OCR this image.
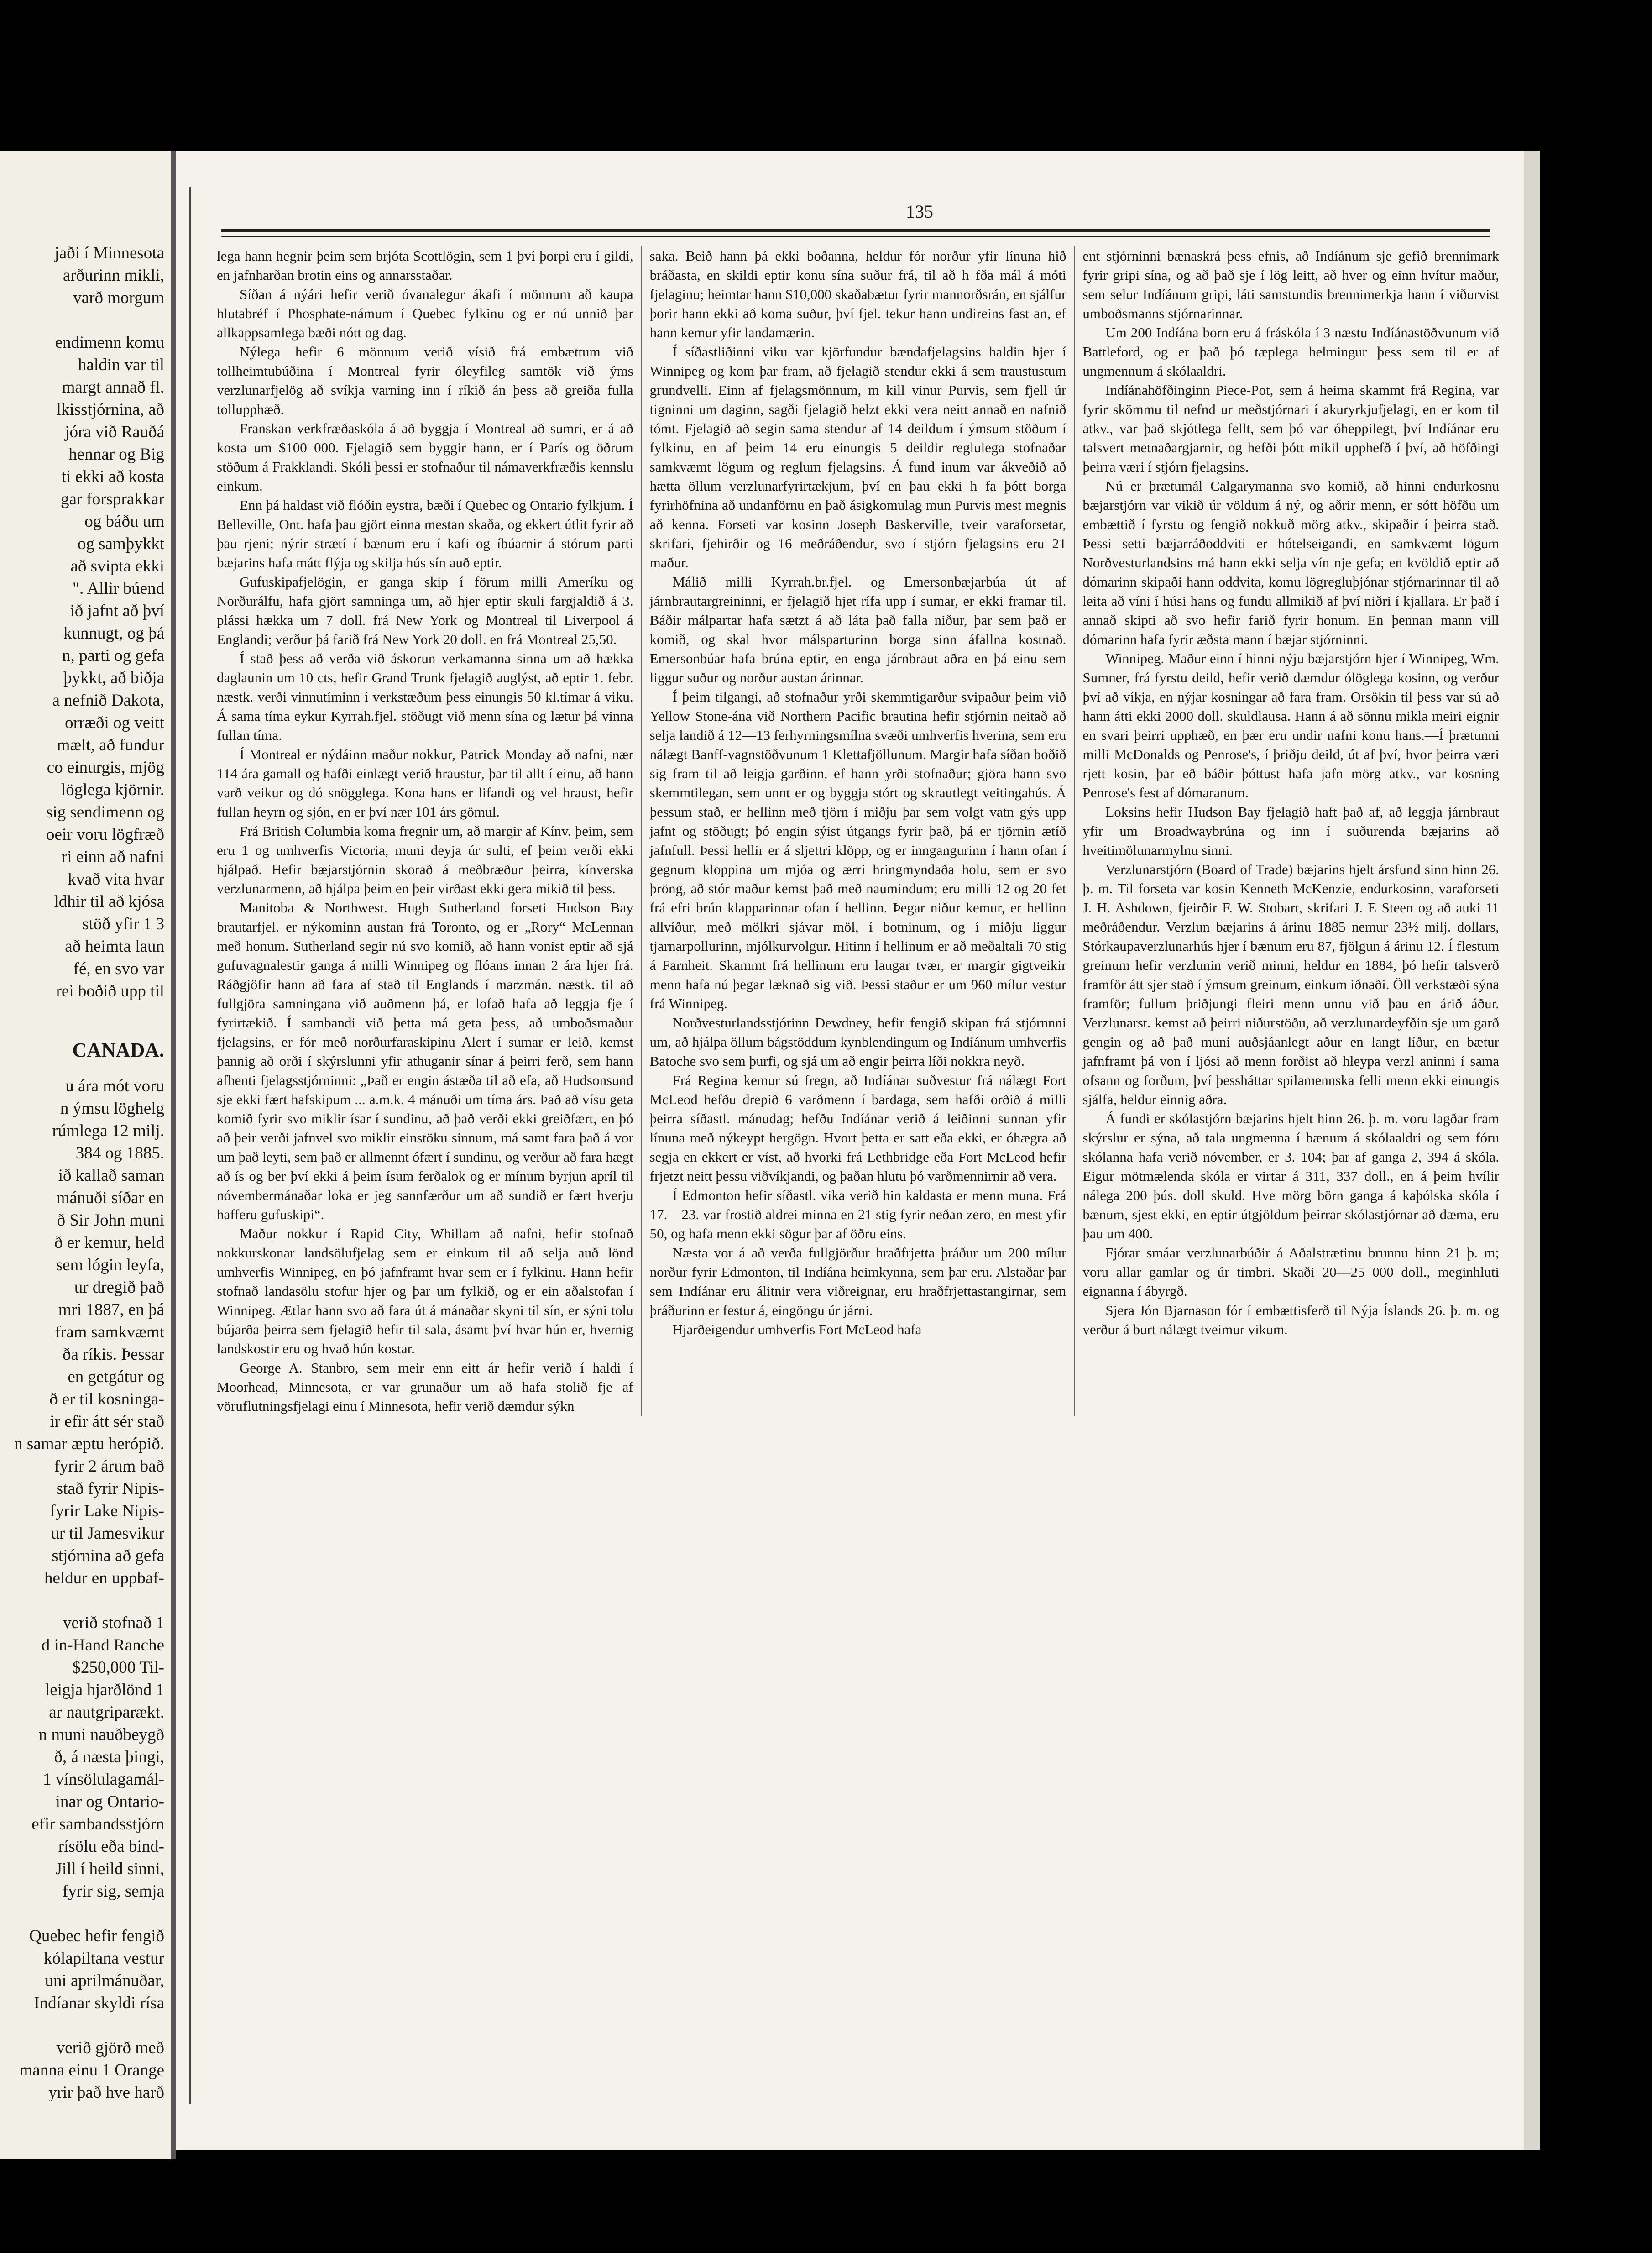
jaði í Minnesota
arðurinn mikli,
varð morgum

endimenn komu
haldin var til
margt annað fl.
lkisstjórnina, að
jóra við Rauðá
hennar og Big
ti ekki að kosta
gar forsprakkar
og báðu um
og samþykkt
að svipta ekki
". Allir búend
ið jafnt að því
kunnugt, og þá
n, parti og gefa
þykkt, að biðja
a nefnið Dakota,
orræði og veitt
mælt, að fundur
co einurgis, mjög
löglega kjörnir.
sig sendimenn og
oeir voru lögfræð
ri einn að nafni
kvað vita hvar
ldhir til að kjósa
stöð yfir 1 3
að heimta laun
fé, en svo var
rei boðið upp til
CANADA.
u ára mót voru
n ýmsu löghelg
rúmlega 12 milj.
384 og 1885.
ið kallað saman
mánuði síðar en
ð Sir John muni
ð er kemur, held
sem lógin leyfa,
ur dregið það
mri 1887, en þá
fram samkvæmt
ða ríkis. Þessar
en getgátur og
ð er til kosninga-
ir efir átt sér stað
n samar æptu herópið.
fyrir 2 árum bað
stað fyrir Nipis-
fyrir Lake Nipis-
ur til Jamesvikur
stjórnina að gefa
heldur en uppbaf-

verið stofnað 1
d in-Hand Ranche
$250,000 Til-
leigja hjarðlönd 1
ar nautgriparækt.
n muni nauðbeygð
ð, á næsta þingi,
1 vínsölulagamál-
inar og Ontario-
efir sambandsstjórn
rísölu eða bind-
Jill í heild sinni,
fyrir sig, semja

Quebec hefir fengið
kólapiltana vestur
uni aprilmánuðar,
Indíanar skyldi rísa

verið gjörð með
manna einu 1 Orange
yrir það hve harð
135

lega hann hegnir þeim sem brjóta Scottlögin, sem 1 því þorpi eru í gildi, en jafnharðan brotin eins og annarsstaðar.

Síðan á nýári hefir verið óvanalegur ákafi í mönnum að kaupa hlutabréf í Phosphate-námum í Quebec fylkinu og er nú unnið þar allkappsamlega bæði nótt og dag.

Nýlega hefir 6 mönnum verið vísið frá embættum við tollheimtubúðina í Montreal fyrir óleyfileg samtök við ýms verzlunarfjelög að svíkja varning inn í ríkið án þess að greiða fulla tollupphæð.

Franskan verkfræðaskóla á að byggja í Montreal að sumri, er á að kosta um $100 000. Fjelagið sem byggir hann, er í París og öðrum stöðum á Frakklandi. Skóli þessi er stofnaður til námaverkfræðis kennslu einkum.

Enn þá haldast við flóðin eystra, bæði í Quebec og Ontario fylkjum. Í Belleville, Ont. hafa þau gjört einna mestan skaða, og ekkert útlit fyrir að þau rjeni; nýrir strætí í bænum eru í kafi og íbúarnir á stórum parti bæjarins hafa mátt flýja og skilja hús sín auð eptir.

Gufuskipafjelögin, er ganga skip í förum milli Ameríku og Norðurálfu, hafa gjört samninga um, að hjer eptir skuli fargjaldið á 3. plássi hækka um 7 doll. frá New York og Montreal til Liverpool á Englandi; verður þá farið frá New York 20 doll. en frá Montreal 25,50.

Í stað þess að verða við áskorun verkamanna sinna um að hækka daglaunin um 10 cts, hefir Grand Trunk fjelagið auglýst, að eptir 1. febr. næstk. verði vinnutíminn í verkstæðum þess einungis 50 kl.tímar á viku. Á sama tíma eykur Kyrrah.fjel. stöðugt við menn sína og lætur þá vinna fullan tíma.

Í Montreal er nýdáinn maður nokkur, Patrick Monday að nafni, nær 114 ára gamall og hafði einlægt verið hraustur, þar til allt í einu, að hann varð veikur og dó snögglega. Kona hans er lifandi og vel hraust, hefir fullan heyrn og sjón, en er því nær 101 árs gömul.

Frá British Columbia koma fregnir um, að margir af Kínv. þeim, sem eru 1 og umhverfis Victoria, muni deyja úr sulti, ef þeim verði ekki hjálpað. Hefir bæjarstjórnin skorað á meðbræður þeirra, kínverska verzlunarmenn, að hjálpa þeim en þeir virðast ekki gera mikið til þess.

Manitoba & Northwest. Hugh Sutherland forseti Hudson Bay brautarfjel. er nýkominn austan frá Toronto, og er „Rory“ McLennan með honum. Sutherland segir nú svo komið, að hann vonist eptir að sjá gufuvagnalestir ganga á milli Winnipeg og flóans innan 2 ára hjer frá. Ráðgjöfir hann að fara af stað til Englands í marzmán. næstk. til að fullgjöra samningana við auðmenn þá, er lofað hafa að leggja fje í fyrirtækið. Í sambandi við þetta má geta þess, að umboðsmaður fjelagsins, er fór með norðurfaraskipinu Alert í sumar er leið, kemst þannig að orði í skýrslunni yfir athuganir sínar á þeirri ferð, sem hann afhenti fjelagsstjórninni: „Það er engin ástæða til að efa, að Hudsonsund sje ekki fært hafskipum ... a.m.k. 4 mánuði um tíma árs. Það að vísu geta komið fyrir svo miklir ísar í sundinu, að það verði ekki greiðfært, en þó að þeir verði jafnvel svo miklir einstöku sinnum, má samt fara það á vor um það leyti, sem það er allmennt ófært í sundinu, og verður að fara hægt að ís og ber því ekki á þeim ísum ferðalok og er mínum byrjun apríl til nóvembermánaðar loka er jeg sannfærður um að sundið er fært hverju hafferu gufuskipi“.

Maður nokkur í Rapid City, Whillam að nafni, hefir stofnað nokkurskonar landsölufjelag sem er einkum til að selja auð lönd umhverfis Winnipeg, en þó jafnframt hvar sem er í fylkinu. Hann hefir stofnað landasölu stofur hjer og þar um fylkið, og er ein aðalstofan í Winnipeg. Ætlar hann svo að fara út á mánaðar skyni til sín, er sýni tolu bújarða þeirra sem fjelagið hefir til sala, ásamt því hvar hún er, hvernig landskostir eru og hvað hún kostar.

George A. Stanbro, sem meir enn eitt ár hefir verið í haldi í Moorhead, Minnesota, er var grunaður um að hafa stolið fje af vöruflutningsfjelagi einu í Minnesota, hefir verið dæmdur sýkn

saka. Beið hann þá ekki boðanna, heldur fór norður yfir línuna hið bráðasta, en skildi eptir konu sína suður frá, til að h fða mál á móti fjelaginu; heimtar hann $10,000 skaðabætur fyrir mannorðsrán, en sjálfur þorir hann ekki að koma suður, því fjel. tekur hann undireins fast an, ef hann kemur yfir landamærin.

Í síðastliðinni viku var kjörfundur bændafjelagsins haldin hjer í Winnipeg og kom þar fram, að fjelagið stendur ekki á sem traustustum grundvelli. Einn af fjelagsmönnum, m kill vinur Purvis, sem fjell úr tigninni um daginn, sagði fjelagið helzt ekki vera neitt annað en nafnið tómt. Fjelagið að segin sama stendur af 14 deildum í ýmsum stöðum í fylkinu, en af þeim 14 eru einungis 5 deildir reglulega stofnaðar samkvæmt lögum og reglum fjelagsins. Á fund inum var ákveðið að hætta öllum verzlunarfyrirtækjum, því en þau ekki h fa þótt borga fyrirhöfnina að undanförnu en það ásigkomulag mun Purvis mest megnis að kenna. Forseti var kosinn Joseph Baskerville, tveir varaforsetar, skrifari, fjehirðir og 16 meðráðendur, svo í stjórn fjelagsins eru 21 maður.

Málið milli Kyrrah.br.fjel. og Emersonbæjarbúa út af járnbrautargreininni, er fjelagið hjet rífa upp í sumar, er ekki framar til. Báðir málpartar hafa sætzt á að láta það falla niður, þar sem það er komið, og skal hvor málsparturinn borga sinn áfallna kostnað. Emersonbúar hafa brúna eptir, en enga járnbraut aðra en þá einu sem liggur suður og norður austan árinnar.

Í þeim tilgangi, að stofnaður yrði skemmtigarður svipaður þeim við Yellow Stone-ána við Northern Pacific brautina hefir stjórnin neitað að selja landið á 12—13 ferhyrningsmílna svæði umhverfis hverina, sem eru nálægt Banff-vagnstöðvunum 1 Klettafjöllunum. Margir hafa síðan boðið sig fram til að leigja garðinn, ef hann yrði stofnaður; gjöra hann svo skemmtilegan, sem unnt er og byggja stórt og skrautlegt veitingahús. Á þessum stað, er hellinn með tjörn í miðju þar sem volgt vatn gýs upp jafnt og stöðugt; þó engin sýist útgangs fyrir það, þá er tjörnin ætíð jafnfull. Þessi hellir er á sljettri klöpp, og er inngangurinn í hann ofan í gegnum kloppina um mjóa og ærri hringmyndaða holu, sem er svo þröng, að stór maður kemst það með naumindum; eru milli 12 og 20 fet frá efri brún klapparinnar ofan í hellinn. Þegar niður kemur, er hellinn allvíður, með mölkri sjávar möl, í botninum, og í miðju liggur tjarnarpollurinn, mjólkurvolgur. Hitinn í hellinum er að meðaltali 70 stig á Farnheit. Skammt frá hellinum eru laugar tvær, er margir gigtveikir menn hafa nú þegar læknað sig við. Þessi staður er um 960 mílur vestur frá Winnipeg.

Norðvesturlandsstjórinn Dewdney, hefir fengið skipan frá stjórnnni um, að hjálpa öllum bágstöddum kynblendingum og Indíánum umhverfis Batoche svo sem þurfi, og sjá um að engir þeirra líði nokkra neyð.

Frá Regina kemur sú fregn, að Indíánar suðvestur frá nálægt Fort McLeod hefðu drepið 6 varðmenn í bardaga, sem hafði orðið á milli þeirra síðastl. mánudag; hefðu Indíánar verið á leiðinni sunnan yfir línuna með nýkeypt hergögn. Hvort þetta er satt eða ekki, er óhægra að segja en ekkert er víst, að hvorki frá Lethbridge eða Fort McLeod hefir frjetzt neitt þessu viðvíkjandi, og þaðan hlutu þó varðmennirnir að vera.

Í Edmonton hefir síðastl. vika verið hin kaldasta er menn muna. Frá 17.—23. var frostið aldrei minna en 21 stig fyrir neðan zero, en mest yfir 50, og hafa menn ekki sögur þar af öðru eins.

Næsta vor á að verða fullgjörður hraðfrjetta þráður um 200 mílur norður fyrir Edmonton, til Indíána heimkynna, sem þar eru. Alstaðar þar sem Indíánar eru álitnir vera viðreignar, eru hraðfrjettastangirnar, sem þráðurinn er festur á, eingöngu úr járni.

Hjarðeigendur umhverfis Fort McLeod hafa

ent stjórninni bænaskrá þess efnis, að Indíánum sje gefið brennimark fyrir gripi sína, og að það sje í lög leitt, að hver og einn hvítur maður, sem selur Indíánum gripi, láti samstundis brennimerkja hann í viðurvist umboðsmanns stjórnarinnar.

Um 200 Indíána born eru á fráskóla í 3 næstu Indíánastöðvunum við Battleford, og er það þó tæplega helmingur þess sem til er af ungmennum á skólaaldri.

Indíánahöfðinginn Piece-Pot, sem á heima skammt frá Regina, var fyrir skömmu til nefnd ur meðstjórnari í akuryrkjufjelagi, en er kom til atkv., var það skjótlega fellt, sem þó var óheppilegt, því Indíánar eru talsvert metnaðargjarnir, og hefði þótt mikil upphefð í því, að höfðingi þeirra væri í stjórn fjelagsins.

Nú er þrætumál Calgarymanna svo komið, að hinni endurkosnu bæjarstjórn var vikið úr völdum á ný, og aðrir menn, er sótt höfðu um embættið í fyrstu og fengið nokkuð mörg atkv., skipaðir í þeirra stað. Þessi setti bæjarráðoddviti er hótelseigandi, en samkvæmt lögum Norðvesturlandsins má hann ekki selja vín nje gefa; en kvöldið eptir að dómarinn skipaði hann oddvita, komu lögregluþjónar stjórnarinnar til að leita að víni í húsi hans og fundu allmikið af því niðri í kjallara. Er það í annað skipti að svo hefir farið fyrir honum. En þennan mann vill dómarinn hafa fyrir æðsta mann í bæjar stjórninni.

Winnipeg. Maður einn í hinni nýju bæjarstjórn hjer í Winnipeg, Wm. Sumner, frá fyrstu deild, hefir verið dæmdur ólöglega kosinn, og verður því að víkja, en nýjar kosningar að fara fram. Orsökin til þess var sú að hann átti ekki 2000 doll. skuldlausa. Hann á að sönnu mikla meiri eignir en svari þeirri upphæð, en þær eru undir nafni konu hans.—Í þrætunni milli McDonalds og Penrose's, í þriðju deild, út af því, hvor þeirra væri rjett kosin, þar eð báðir þóttust hafa jafn mörg atkv., var kosning Penrose's fest af dómaranum.

Loksins hefir Hudson Bay fjelagið haft það af, að leggja járnbraut yfir um Broadwaybrúna og inn í suðurenda bæjarins að hveitimölunarmylnu sinni.

Verzlunarstjórn (Board of Trade) bæjarins hjelt ársfund sinn hinn 26. þ. m. Til forseta var kosin Kenneth McKenzie, endurkosinn, varaforseti J. H. Ashdown, fjeirðir F. W. Stobart, skrifari J. E Steen og að auki 11 meðráðendur. Verzlun bæjarins á árinu 1885 nemur 23½ milj. dollars, Stórkaupaverzlunarhús hjer í bænum eru 87, fjölgun á árinu 12. Í flestum greinum hefir verzlunin verið minni, heldur en 1884, þó hefir talsverð framför átt sjer stað í ýmsum greinum, einkum iðnaði. Öll verkstæði sýna framför; fullum þriðjungi fleiri menn unnu við þau en árið áður. Verzlunarst. kemst að þeirri niðurstöðu, að verzlunardeyfðin sje um garð gengin og að það muni auðsjáanlegt aður en langt líður, en bætur jafnframt þá von í ljósi að menn forðist að hleypa verzl aninni í sama ofsann og forðum, því þessháttar spilamennska felli menn ekki einungis sjálfa, heldur einnig aðra.

Á fundi er skólastjórn bæjarins hjelt hinn 26. þ. m. voru lagðar fram skýrslur er sýna, að tala ungmenna í bænum á skólaaldri og sem fóru skólanna hafa verið nóvember, er 3. 104; þar af ganga 2, 394 á skóla. Eigur mötmælenda skóla er virtar á 311, 337 doll., en á þeim hvílir nálega 200 þús. doll skuld. Hve mörg börn ganga á kaþólska skóla í bænum, sjest ekki, en eptir útgjöldum þeirrar skólastjórnar að dæma, eru þau um 400.

Fjórar smáar verzlunarbúðir á Aðalstrætinu brunnu hinn 21 þ. m; voru allar gamlar og úr timbri. Skaði 20—25 000 doll., meginhluti eignanna í ábyrgð.

Sjera Jón Bjarnason fór í embættisferð til Nýja Íslands 26. þ. m. og verður á burt nálægt tveimur vikum.
